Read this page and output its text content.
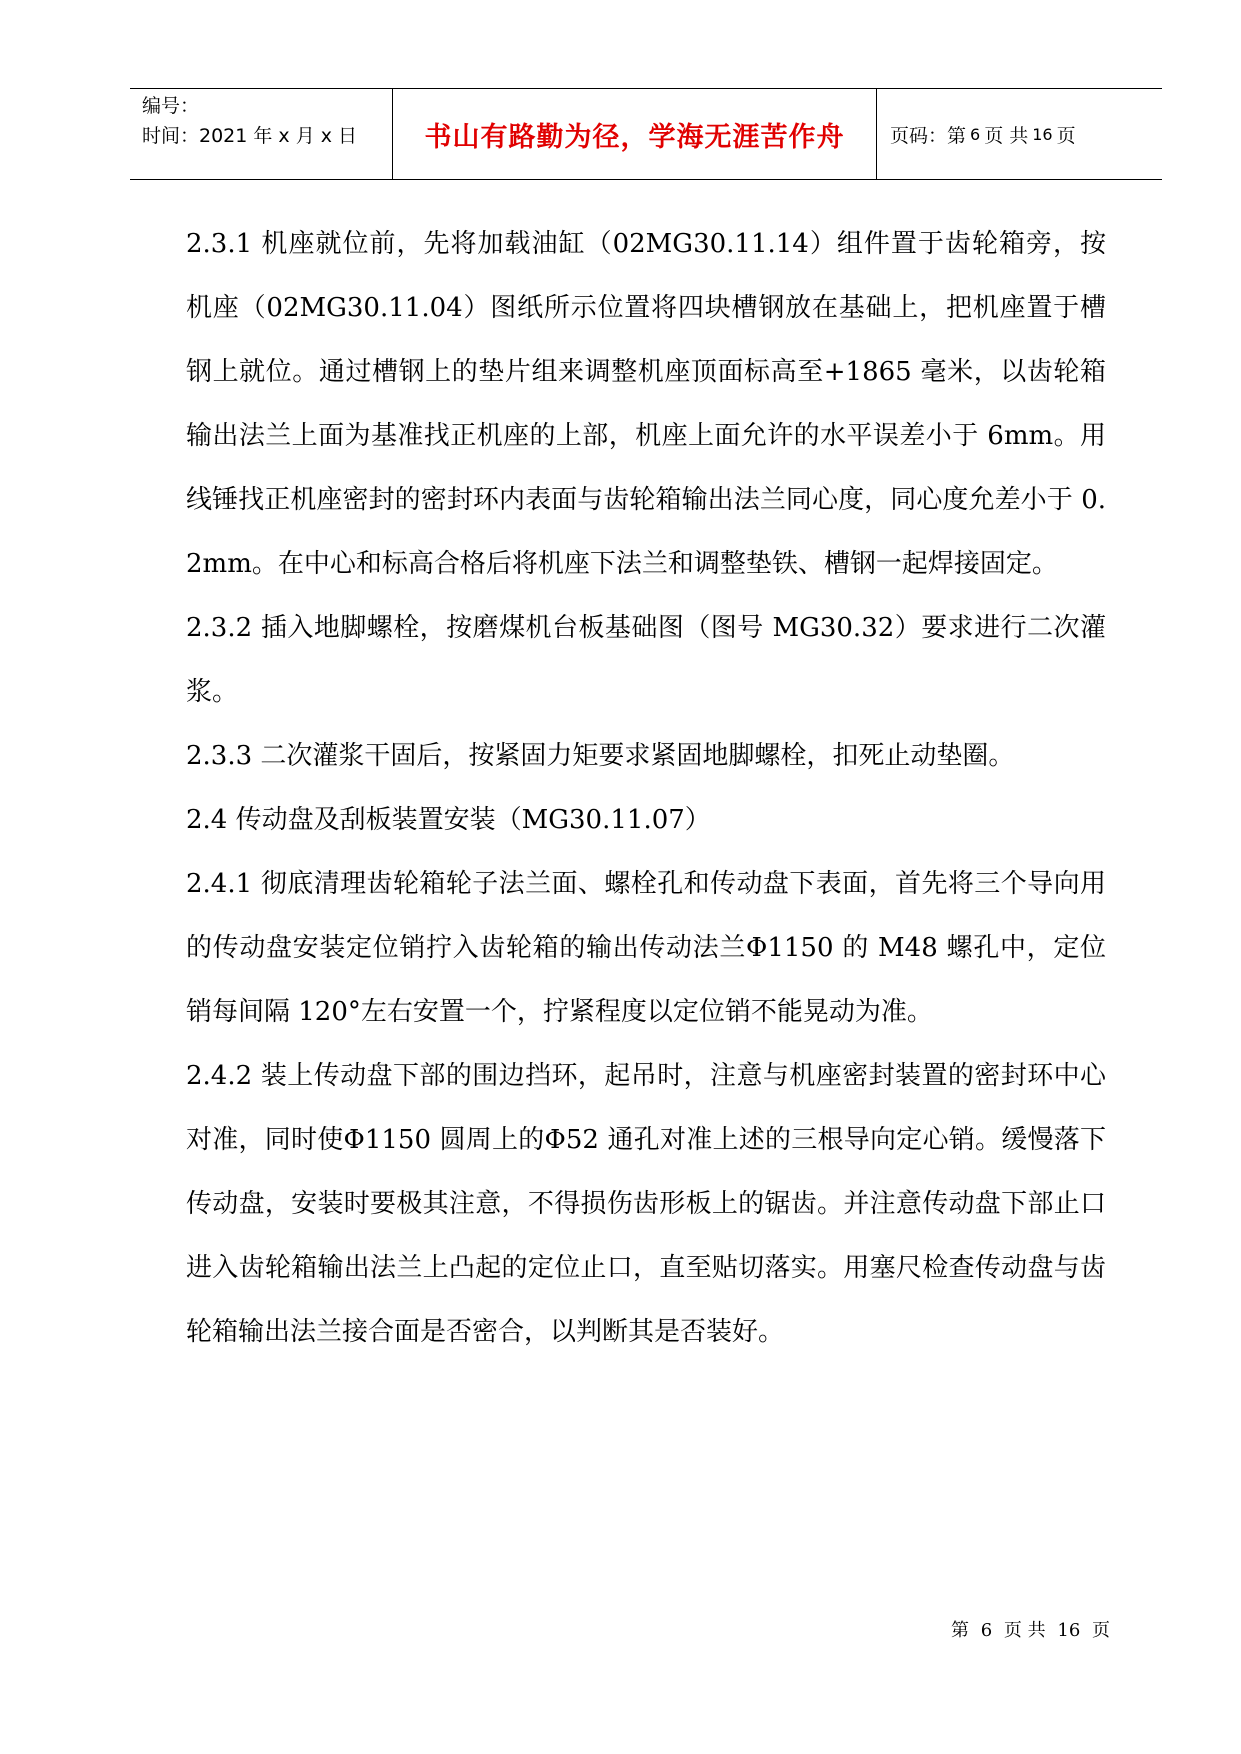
编号：
时间：2021 年 x 月 x 日	书山有路勤为径，学海无涯苦作舟	页码：第 6 页 共 16 页

2.3.1 机座就位前，先将加载油缸（02MG30.11.14）组件置于齿轮箱旁，按机座（02MG30.11.04）图纸所示位置将四块槽钢放在基础上，把机座置于槽钢上就位。通过槽钢上的垫片组来调整机座顶面标高至+1865 毫米，以齿轮箱输出法兰上面为基准找正机座的上部，机座上面允许的水平误差小于 6mm。用线锤找正机座密封的密封环内表面与齿轮箱输出法兰同心度，同心度允差小于 0.2mm。在中心和标高合格后将机座下法兰和调整垫铁、槽钢一起焊接固定。

2.3.2 插入地脚螺栓，按磨煤机台板基础图（图号 MG30.32）要求进行二次灌浆。

2.3.3 二次灌浆干固后，按紧固力矩要求紧固地脚螺栓，扣死止动垫圈。

2.4 传动盘及刮板装置安装（MG30.11.07）

2.4.1 彻底清理齿轮箱轮子法兰面、螺栓孔和传动盘下表面，首先将三个导向用的传动盘安装定位销拧入齿轮箱的输出传动法兰Φ1150 的 M48 螺孔中，定位销每间隔 120°左右安置一个，拧紧程度以定位销不能晃动为准。

2.4.2 装上传动盘下部的围边挡环，起吊时，注意与机座密封装置的密封环中心对准，同时使Φ1150 圆周上的Φ52 通孔对准上述的三根导向定心销。缓慢落下传动盘，安装时要极其注意，不得损伤齿形板上的锯齿。并注意传动盘下部止口进入齿轮箱输出法兰上凸起的定位止口，直至贴切落实。用塞尺检查传动盘与齿轮箱输出法兰接合面是否密合，以判断其是否装好。

第 6 页 共 16 页
